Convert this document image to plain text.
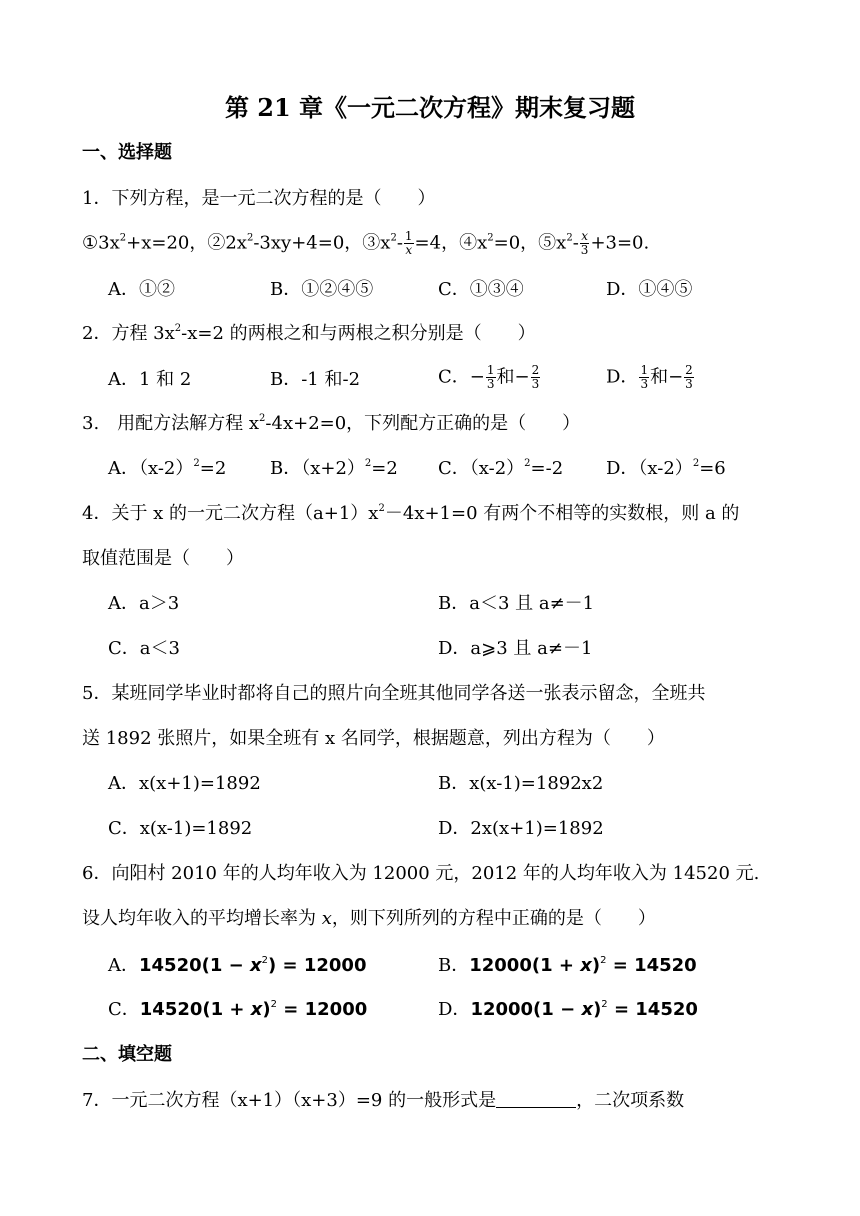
第 21 章《一元二次方程》期末复习题
一、选择题
1．下列方程，是一元二次方程的是（　　）
$①3x^2+x=20$，$②2x^2-3xy+4=0$，$③x^2- \frac{1}{x} =4$，$④x^2=0$，$⑤x^2- \frac{x}{3} +3=0$.
A．①②	B．①②④⑤	C．①③④	D．①④⑤
2．方程 $3x^2-x=2$ 的两根之和与两根之积分别是（　　）
A．1 和 2	B．-1 和-2	C．− $\frac{1}{3}$ 和− $\frac{2}{3}$	D． $\frac{1}{3}$ 和− $\frac{2}{3}$
3.　用配方法解方程 $x^2-4x+2=0$，下列配方正确的是（　　）
A．$(x-2)^2=2$ B．$(x+2)^2=2$ C．$(x-2)^2=-2$ D．$(x-2)^2=6$
4．关于 x 的一元二次方程$(a+1)x^2-4x+1=0$ 有两个不相等的实数根，则 a 的
取值范围是（　　）
A．a＞3	B．a＜3 且 a≠－1
C．a＜3	D．a⩾3 且 a≠－1
5．某班同学毕业时都将自己的照片向全班其他同学各送一张表示留念，全班共
送 1892 张照片，如果全班有 x 名同学，根据题意，列出方程为（　　）
A．x(x+1)=1892	B．x(x-1)=1892x2
C．x(x-1)=1892	D．2x(x+1)=1892
6．向阳村 2010 年的人均年收入为 12000 元，2012 年的人均年收入为 14520 元.
设人均年收入的平均增长率为 x，则下列所列的方程中正确的是（　　）
A．$14520(1 - x^2) = 12000$	B．$12000(1 + x)^2 = 14520$
C．$14520(1 + x)^2 = 12000$	D．$12000(1 - x)^2 = 14520$
二、填空题
7．一元二次方程（x+1）（x+3）=9 的一般形式是	，二次项系数
